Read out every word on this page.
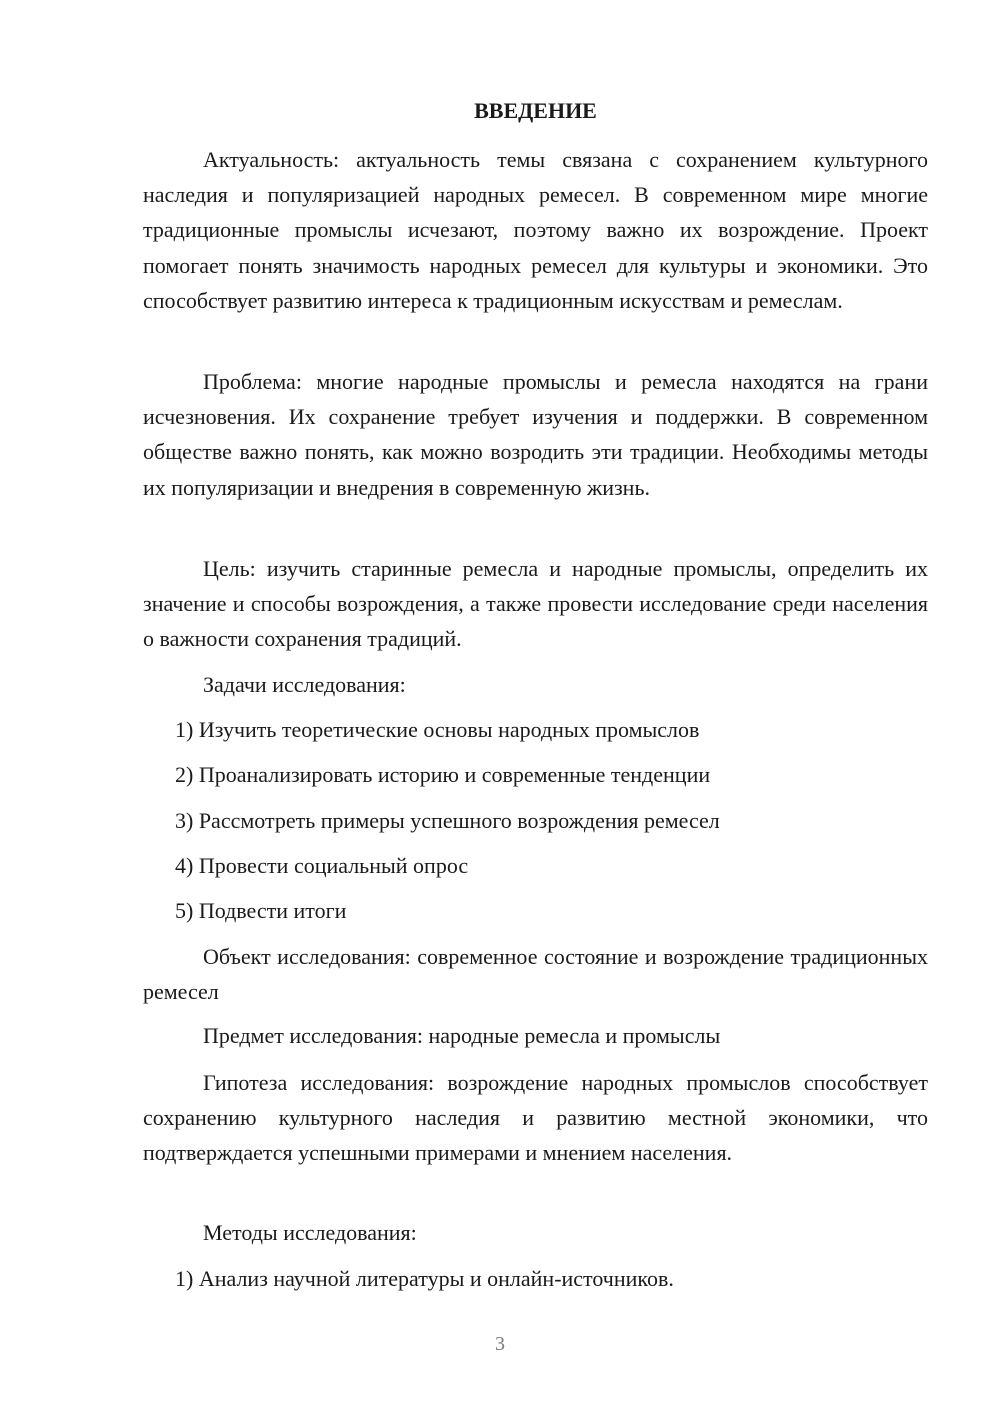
ВВЕДЕНИЕ

Актуальность: актуальность темы связана с сохранением культурного наследия и популяризацией народных ремесел. В современном мире многие традиционные промыслы исчезают, поэтому важно их возрождение. Проект помогает понять значимость народных ремесел для культуры и экономики. Это способствует развитию интереса к традиционным искусствам и ремеслам.

Проблема: многие народные промыслы и ремесла находятся на грани исчезновения. Их сохранение требует изучения и поддержки. В современном обществе важно понять, как можно возродить эти традиции. Необходимы методы их популяризации и внедрения в современную жизнь.

Цель: изучить старинные ремесла и народные промыслы, определить их значение и способы возрождения, а также провести исследование среди населения о важности сохранения традиций.

Задачи исследования:

1) Изучить теоретические основы народных промыслов

2) Проанализировать историю и современные тенденции

3) Рассмотреть примеры успешного возрождения ремесел

4) Провести социальный опрос

5) Подвести итоги

Объект исследования: современное состояние и возрождение традиционных ремесел

Предмет исследования: народные ремесла и промыслы

Гипотеза исследования: возрождение народных промыслов способствует сохранению культурного наследия и развитию местной экономики, что подтверждается успешными примерами и мнением населения.

Методы исследования:

1) Анализ научной литературы и онлайн-источников.

3
